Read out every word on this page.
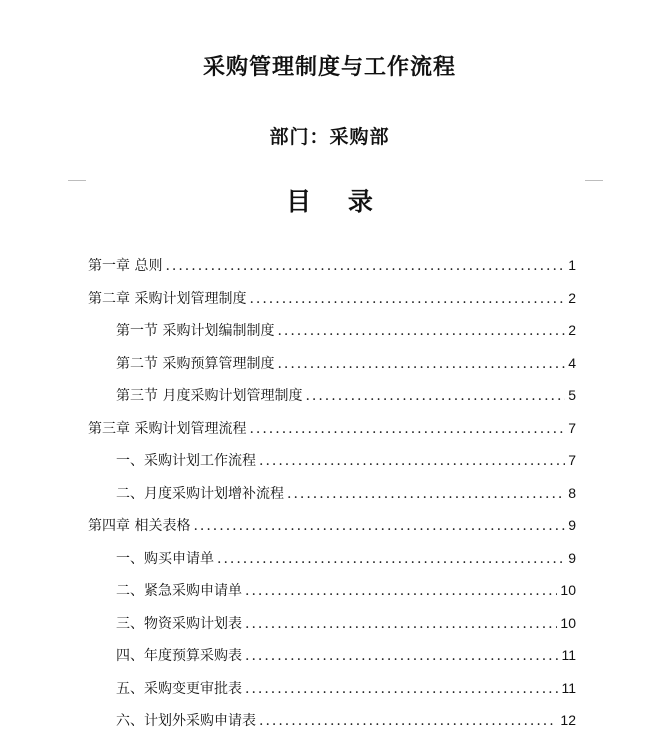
采购管理制度与工作流程
部门：采购部
目 录
第一章 总则 .....	1
第二章 采购计划管理制度 .....	2
第一节 采购计划编制制度 .....	2
第二节 采购预算管理制度 .....	4
第三节 月度采购计划管理制度 .....	5
第三章 采购计划管理流程 .....	7
一、采购计划工作流程 .....	7
二、月度采购计划增补流程 .....	8
第四章 相关表格 .....	9
一、购买申请单 .....	9
二、紧急采购申请单 .....	10
三、物资采购计划表 .....	10
四、年度预算采购表 .....	11
五、采购变更审批表 .....	11
六、计划外采购申请表 .....	12
